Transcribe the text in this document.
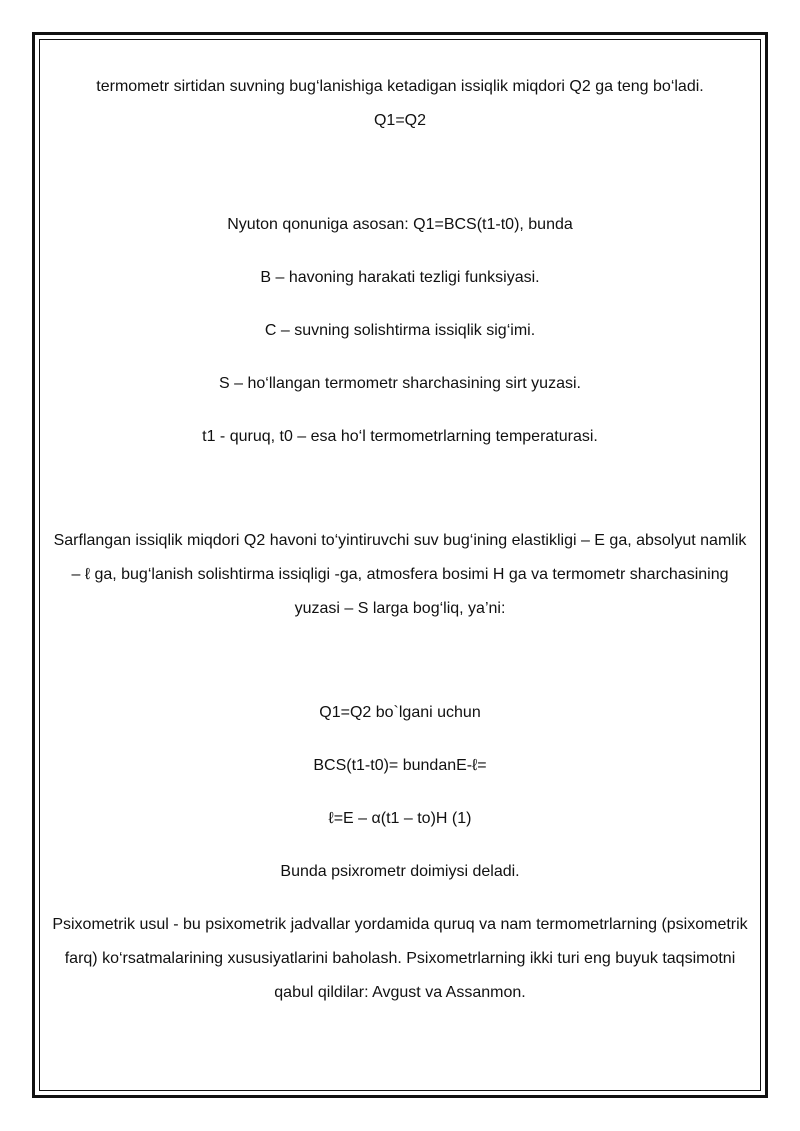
termometr sirtidan suvning bug‘lanishiga ketadigan issiqlik miqdori Q2 ga teng bo‘ladi.

Q1=Q2

Nyuton qonuniga asosan: Q1=BCS(t1-t0), bunda

B – havoning harakati tezligi funksiyasi.

C – suvning solishtirma issiqlik sig‘imi.

S – ho‘llangan termometr sharchasining sirt yuzasi.

t1 - quruq, t0 – esa ho‘l termometrlarning temperaturasi.

Sarflangan issiqlik miqdori Q2 havoni to‘yintiruvchi suv bug‘ining elastikligi – E ga, absolyut namlik – ℓ ga, bug‘lanish solishtirma issiqligi -ga, atmosfera bosimi H ga va termometr sharchasining yuzasi – S larga bog‘liq, ya’ni:

Q1=Q2 bo`lgani uchun

BCS(t1-t0)= bundanE-ℓ=

ℓ=E – α(t1 – to)H (1)

Bunda psixrometr doimiysi deladi.

Psixometrik usul - bu psixometrik jadvallar yordamida quruq va nam termometrlarning (psixometrik farq) ko‘rsatmalarining xususiyatlarini baholash. Psixometrlarning ikki turi eng buyuk taqsimotni qabul qildilar: Avgust va Assanmon.
